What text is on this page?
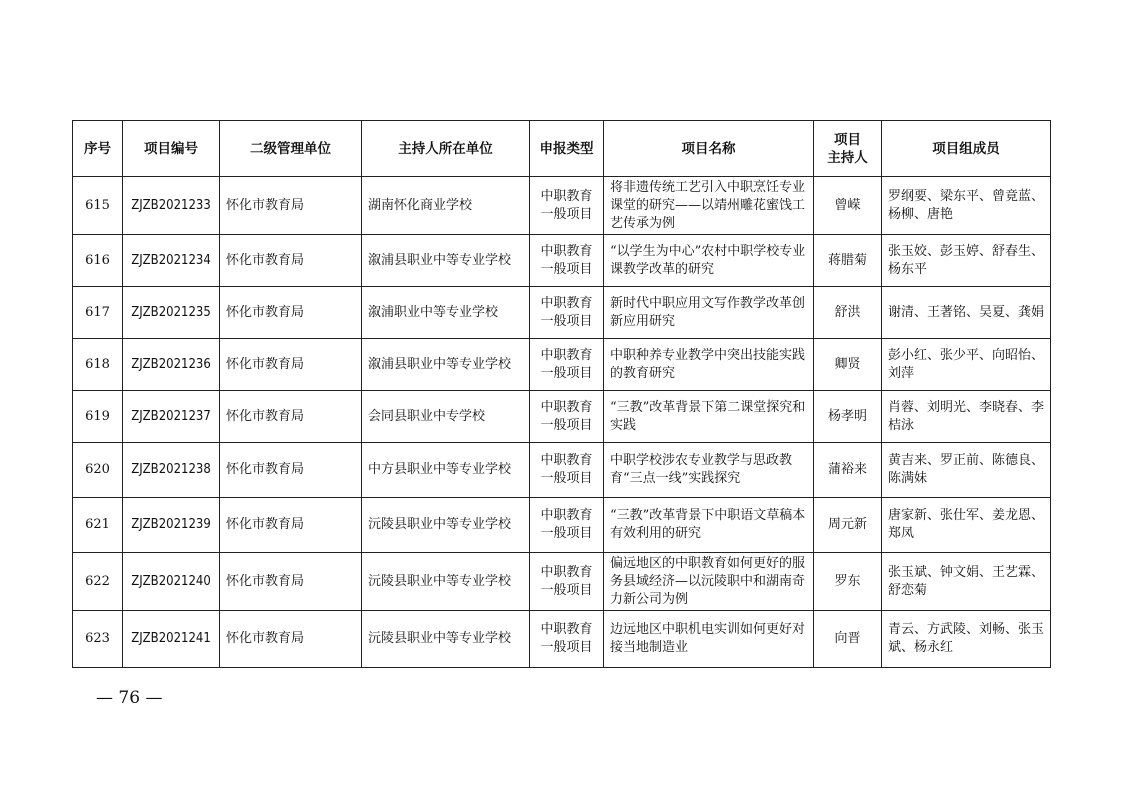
序号	项目编号	二级管理单位	主持人所在单位	申报类型	项目名称	项目
主持人	项目组成员
615	ZJZB2021233	怀化市教育局	湖南怀化商业学校	中职教育一般项目	将非遗传统工艺引入中职烹饪专业课堂的研究——以靖州雕花蜜饯工艺传承为例	曾嵘	罗纲要、梁东平、曾竟蓝、杨柳、唐艳
616	ZJZB2021234	怀化市教育局	溆浦县职业中等专业学校	中职教育一般项目	“以学生为中心”农村中职学校专业课教学改革的研究	蒋腊菊	张玉姣、彭玉婷、舒春生、杨东平
617	ZJZB2021235	怀化市教育局	溆浦职业中等专业学校	中职教育一般项目	新时代中职应用文写作教学改革创新应用研究	舒洪	谢清、王著铭、吴夏、龚娟
618	ZJZB2021236	怀化市教育局	溆浦县职业中等专业学校	中职教育一般项目	中职种养专业教学中突出技能实践的教育研究	卿贤	彭小红、张少平、向昭怡、刘萍
619	ZJZB2021237	怀化市教育局	会同县职业中专学校	中职教育一般项目	“三教”改革背景下第二课堂探究和实践	杨孝明	肖蓉、刘明光、李晓春、李桔泳
620	ZJZB2021238	怀化市教育局	中方县职业中等专业学校	中职教育一般项目	中职学校涉农专业教学与思政教育“三点一线”实践探究	蒲裕来	黄吉来、罗正前、陈德良、陈满妹
621	ZJZB2021239	怀化市教育局	沅陵县职业中等专业学校	中职教育一般项目	“三教”改革背景下中职语文草稿本有效利用的研究	周元新	唐家新、张仕军、姜龙恩、郑凤
622	ZJZB2021240	怀化市教育局	沅陵县职业中等专业学校	中职教育一般项目	偏远地区的中职教育如何更好的服务县域经济—以沅陵职中和湖南奇力新公司为例	罗东	张玉斌、钟文娟、王艺霖、舒恋菊
623	ZJZB2021241	怀化市教育局	沅陵县职业中等专业学校	中职教育一般项目	边远地区中职机电实训如何更好对接当地制造业	向晋	青云、方武陵、刘畅、张玉斌、杨永红
— 76 —
